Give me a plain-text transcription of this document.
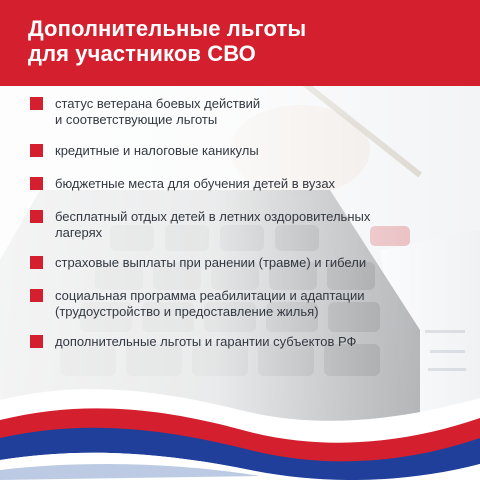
Дополнительные льготы
для участников СВО
статус ветерана боевых действий
и соответствующие льготы
кредитные и налоговые каникулы
бюджетные места для обучения детей в вузах
бесплатный отдых детей в летних оздоровительных
лагерях
страховые выплаты при ранении (травме) и гибели
социальная программа реабилитации и адаптации
(трудоустройство и предоставление жилья)
дополнительные льготы и гарантии субъектов РФ
